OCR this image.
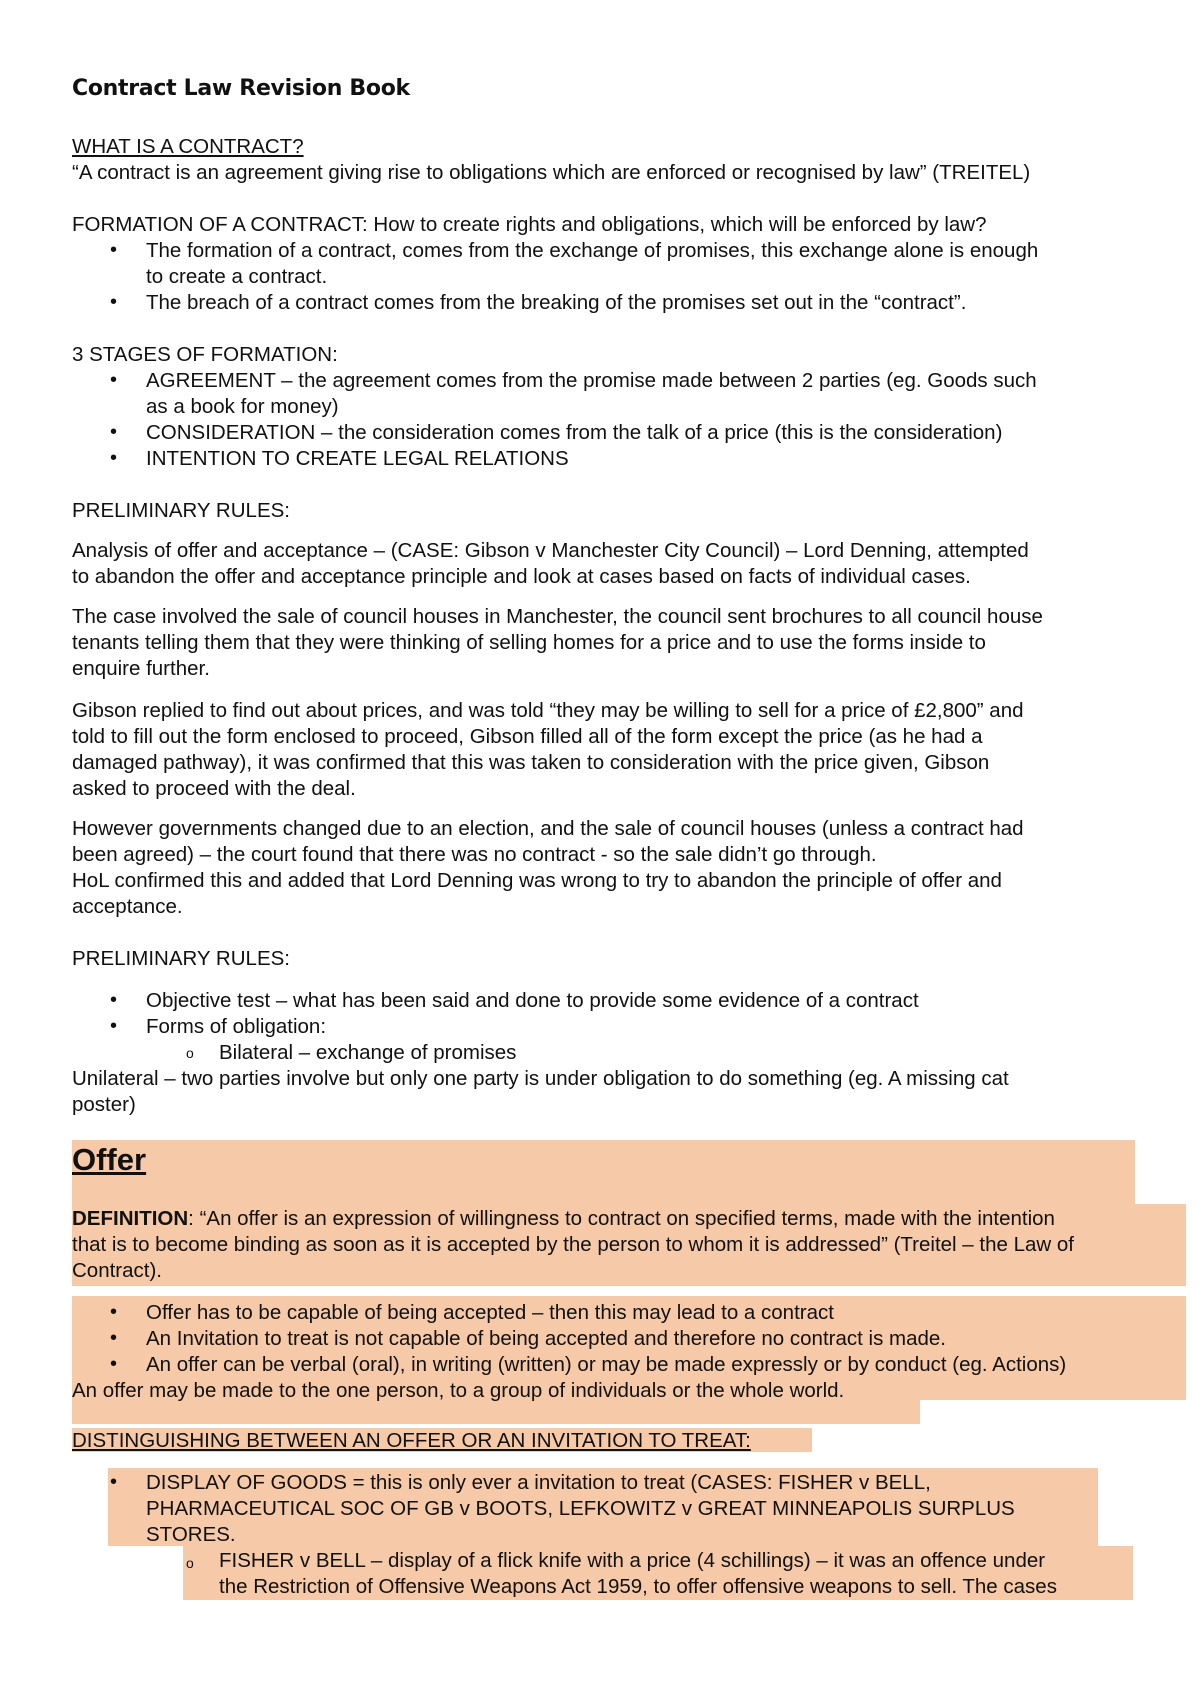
Contract Law Revision Book
WHAT IS A CONTRACT?
“A contract is an agreement giving rise to obligations which are enforced or recognised by law” (TREITEL)
FORMATION OF A CONTRACT: How to create rights and obligations, which will be enforced by law?
• The formation of a contract, comes from the exchange of promises, this exchange alone is enough
to create a contract.
• The breach of a contract comes from the breaking of the promises set out in the “contract”.
3 STAGES OF FORMATION:
• AGREEMENT – the agreement comes from the promise made between 2 parties (eg. Goods such
as a book for money)
• CONSIDERATION – the consideration comes from the talk of a price (this is the consideration)
• INTENTION TO CREATE LEGAL RELATIONS
PRELIMINARY RULES:
Analysis of offer and acceptance – (CASE: Gibson v Manchester City Council) – Lord Denning, attempted
to abandon the offer and acceptance principle and look at cases based on facts of individual cases.
The case involved the sale of council houses in Manchester, the council sent brochures to all council house
tenants telling them that they were thinking of selling homes for a price and to use the forms inside to
enquire further.
Gibson replied to find out about prices, and was told “they may be willing to sell for a price of £2,800” and
told to fill out the form enclosed to proceed, Gibson filled all of the form except the price (as he had a
damaged pathway), it was confirmed that this was taken to consideration with the price given, Gibson
asked to proceed with the deal.
However governments changed due to an election, and the sale of council houses (unless a contract had
been agreed) – the court found that there was no contract - so the sale didn’t go through.
HoL confirmed this and added that Lord Denning was wrong to try to abandon the principle of offer and
acceptance.
PRELIMINARY RULES:
• Objective test – what has been said and done to provide some evidence of a contract
• Forms of obligation:
o Bilateral – exchange of promises
Unilateral – two parties involve but only one party is under obligation to do something (eg. A missing cat
poster)
Offer
DEFINITION: “An offer is an expression of willingness to contract on specified terms, made with the intention
that is to become binding as soon as it is accepted by the person to whom it is addressed” (Treitel – the Law of
Contract).
• Offer has to be capable of being accepted – then this may lead to a contract
• An Invitation to treat is not capable of being accepted and therefore no contract is made.
• An offer can be verbal (oral), in writing (written) or may be made expressly or by conduct (eg. Actions)
An offer may be made to the one person, to a group of individuals or the whole world.
DISTINGUISHING BETWEEN AN OFFER OR AN INVITATION TO TREAT:
• DISPLAY OF GOODS = this is only ever a invitation to treat (CASES: FISHER v BELL,
PHARMACEUTICAL SOC OF GB v BOOTS, LEFKOWITZ v GREAT MINNEAPOLIS SURPLUS
STORES.
o FISHER v BELL – display of a flick knife with a price (4 schillings) – it was an offence under
the Restriction of Offensive Weapons Act 1959, to offer offensive weapons to sell. The cases
